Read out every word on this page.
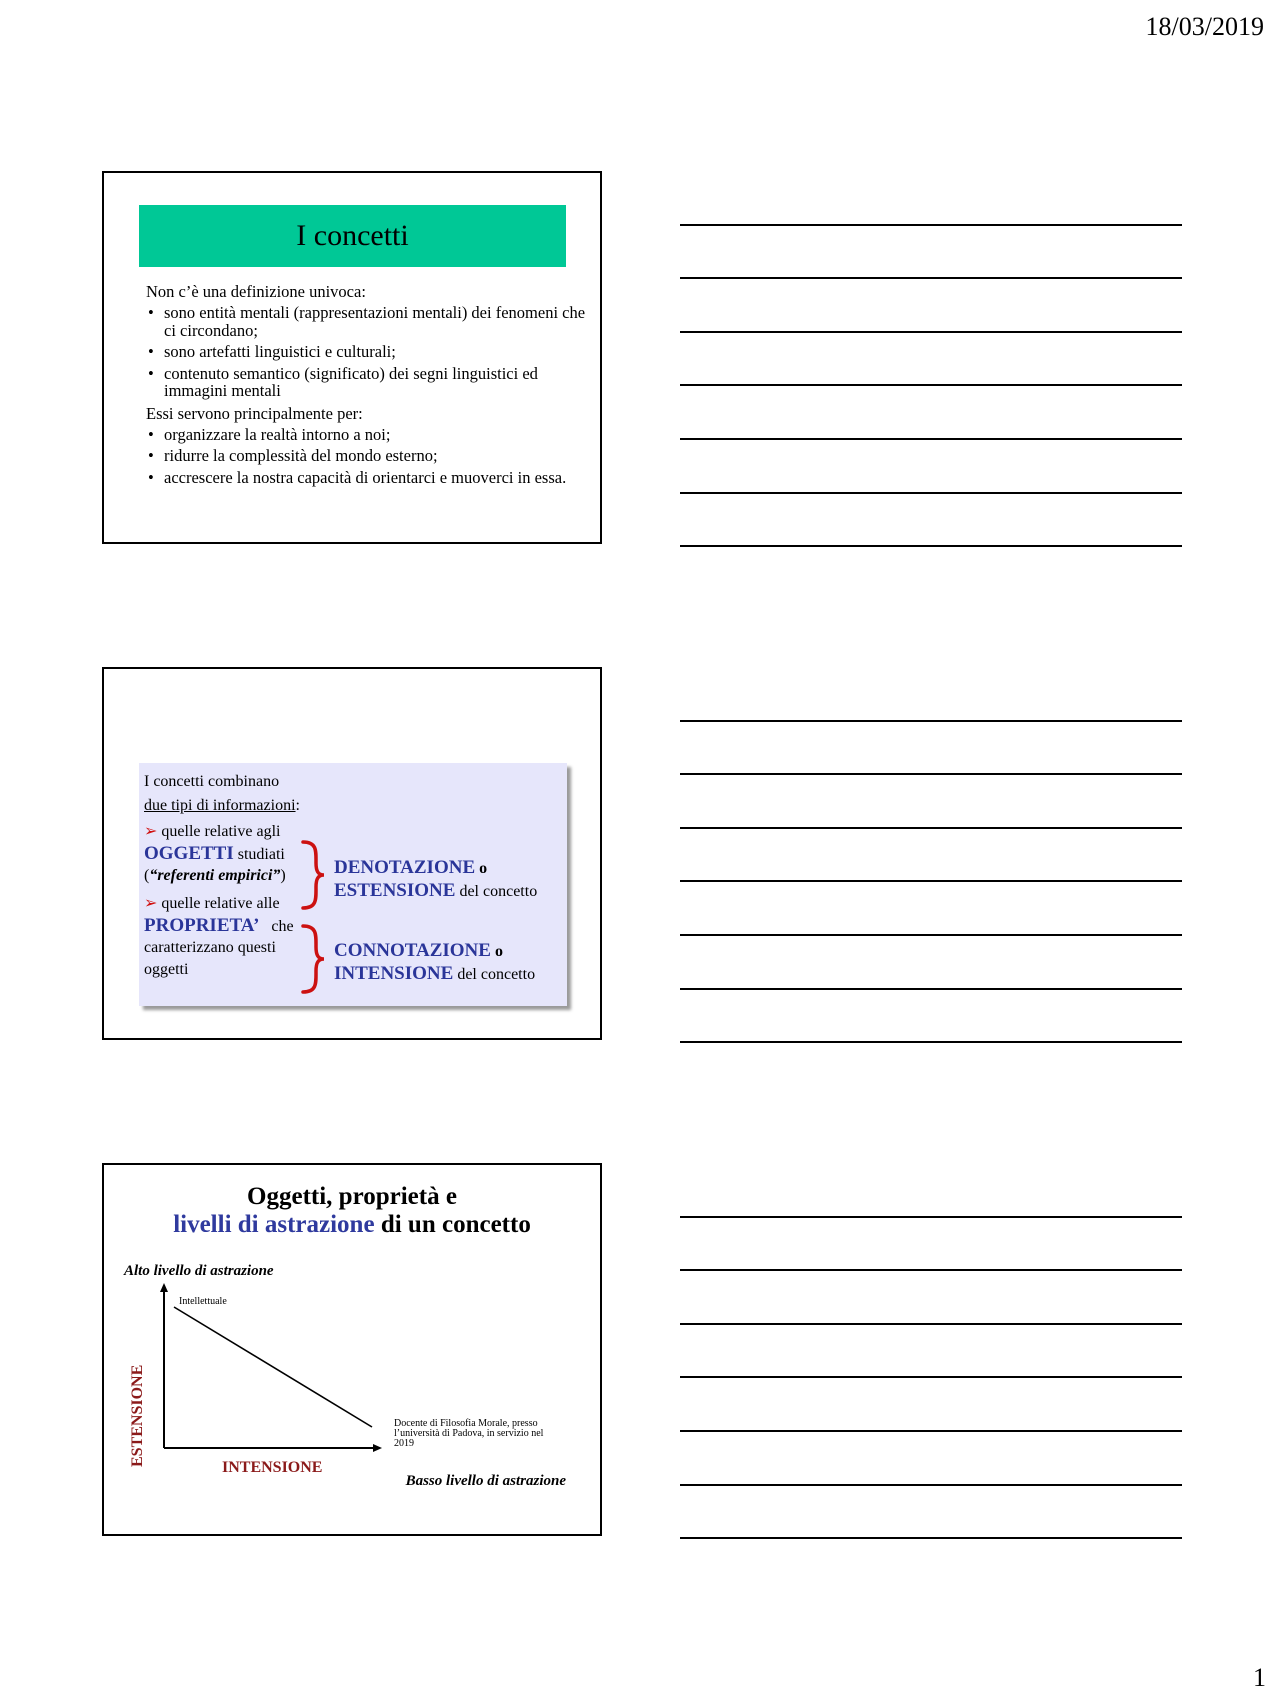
18/03/2019
I concetti
Non c’è una definizione univoca:
• sono entità mentali (rappresentazioni mentali) dei fenomeni che ci circondano;
• sono artefatti linguistici e culturali;
• contenuto semantico (significato) dei segni linguistici ed immagini mentali
Essi servono principalmente per:
• organizzare la realtà intorno a noi;
• ridurre la complessità del mondo esterno;
• accrescere la nostra capacità di orientarci e muoverci in essa.
I concetti combinano
due tipi di informazioni:
➢ quelle relative agli
OGGETTI studiati
(“referenti empirici”)
➢ quelle relative alle
PROPRIETA’ che
caratterizzano questi
oggetti
DENOTAZIONE o
ESTENSIONE del concetto
CONNOTAZIONE o
INTENSIONE del concetto
Oggetti, proprietà e
livelli di astrazione di un concetto
Alto livello di astrazione
Basso livello di astrazione
ESTENSIONE
INTENSIONE
Intellettuale
Docente di Filosofia Morale, presso
l’università di Padova, in servizio nel
2019
1
